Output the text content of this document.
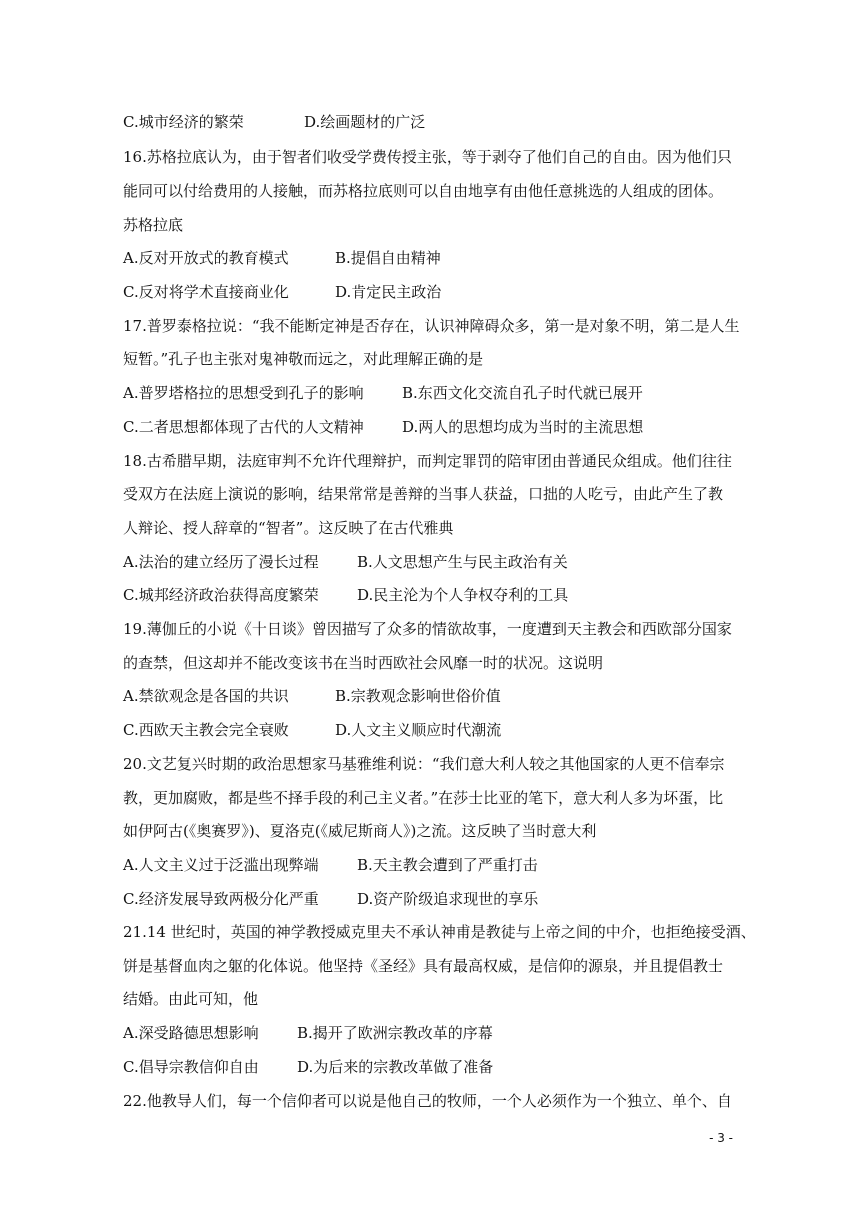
C.城市经济的繁荣	D.绘画题材的广泛
16.苏格拉底认为，由于智者们收受学费传授主张，等于剥夺了他们自己的自由。因为他们只
能同可以付给费用的人接触，而苏格拉底则可以自由地享有由他任意挑选的人组成的团体。
苏格拉底
A.反对开放式的教育模式	B.提倡自由精神
C.反对将学术直接商业化	D.肯定民主政治
17.普罗泰格拉说：“我不能断定神是否存在，认识神障碍众多，第一是对象不明，第二是人生
短暂。”孔子也主张对鬼神敬而远之，对此理解正确的是
A.普罗塔格拉的思想受到孔子的影响	B.东西文化交流自孔子时代就已展开
C.二者思想都体现了古代的人文精神	D.两人的思想均成为当时的主流思想
18.古希腊早期，法庭审判不允许代理辩护，而判定罪罚的陪审团由普通民众组成。他们往往
受双方在法庭上演说的影响，结果常常是善辩的当事人获益，口拙的人吃亏，由此产生了教
人辩论、授人辞章的“智者”。这反映了在古代雅典
A.法治的建立经历了漫长过程	B.人文思想产生与民主政治有关
C.城邦经济政治获得高度繁荣	D.民主沦为个人争权夺利的工具
19.薄伽丘的小说《十日谈》曾因描写了众多的情欲故事，一度遭到天主教会和西欧部分国家
的查禁，但这却并不能改变该书在当时西欧社会风靡一时的状况。这说明
A.禁欲观念是各国的共识	B.宗教观念影响世俗价值
C.西欧天主教会完全衰败	D.人文主义顺应时代潮流
20.文艺复兴时期的政治思想家马基雅维利说：“我们意大利人较之其他国家的人更不信奉宗
教，更加腐败，都是些不择手段的利己主义者。”在莎士比亚的笔下，意大利人多为坏蛋，比
如伊阿古(《奥赛罗》)、夏洛克(《威尼斯商人》)之流。这反映了当时意大利
A.人文主义过于泛滥出现弊端	B.天主教会遭到了严重打击
C.经济发展导致两极分化严重	D.资产阶级追求现世的享乐
21.14 世纪时，英国的神学教授威克里夫不承认神甫是教徒与上帝之间的中介，也拒绝接受酒、
饼是基督血肉之躯的化体说。他坚持《圣经》具有最高权威，是信仰的源泉，并且提倡教士
结婚。由此可知，他
A.深受路德思想影响	B.揭开了欧洲宗教改革的序幕
C.倡导宗教信仰自由	D.为后来的宗教改革做了准备
22.他教导人们，每一个信仰者可以说是他自己的牧师，一个人必须作为一个独立、单个、自
- 3 -
